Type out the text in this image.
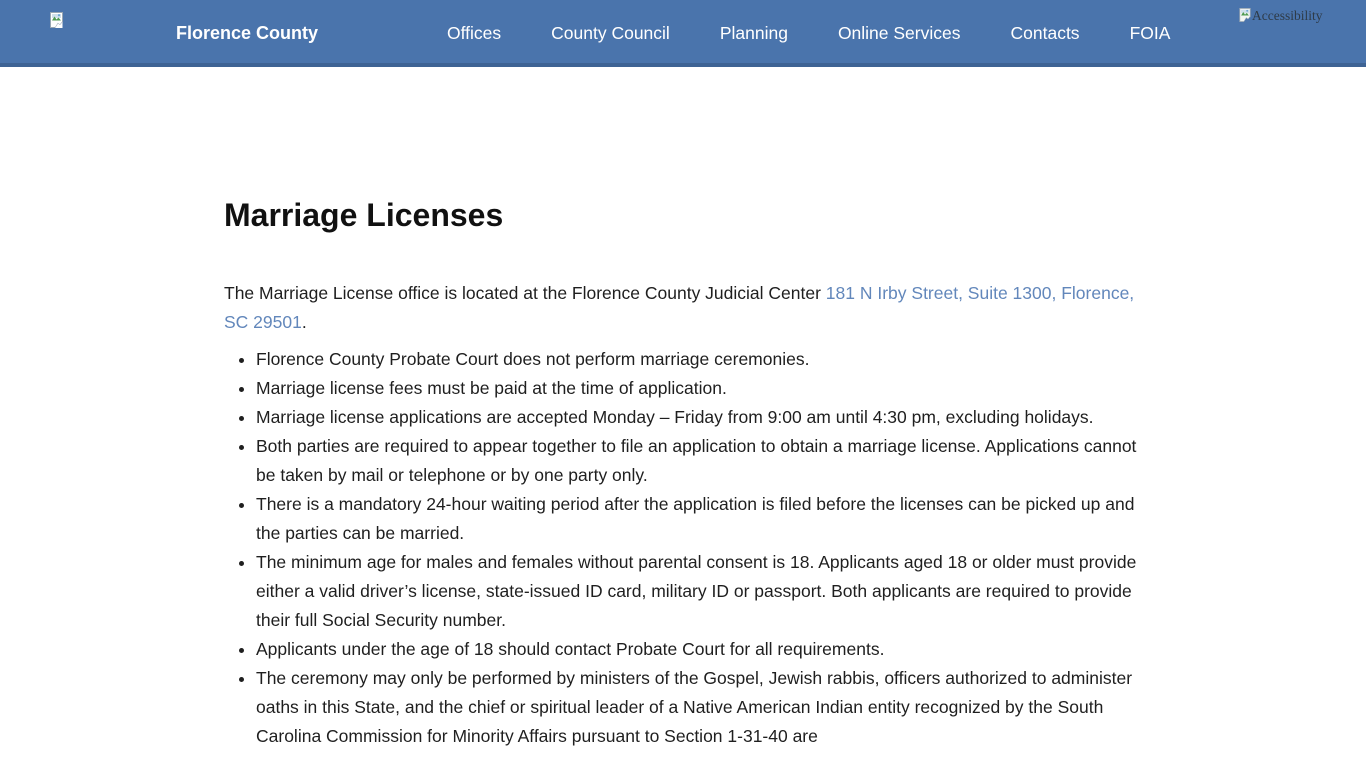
Florence County	Offices	County Council	Planning	Online Services	Contacts	FOIA
Accessibility
Marriage Licenses

The Marriage License office is located at the Florence County Judicial Center 181 N Irby Street, Suite 1300, Florence, SC 29501.

• Florence County Probate Court does not perform marriage ceremonies.
• Marriage license fees must be paid at the time of application.
• Marriage license applications are accepted Monday – Friday from 9:00 am until 4:30 pm, excluding holidays.
• Both parties are required to appear together to file an application to obtain a marriage license. Applications cannot be taken by mail or telephone or by one party only.
• There is a mandatory 24-hour waiting period after the application is filed before the licenses can be picked up and the parties can be married.
• The minimum age for males and females without parental consent is 18. Applicants aged 18 or older must provide either a valid driver’s license, state-issued ID card, military ID or passport. Both applicants are required to provide their full Social Security number.
• Applicants under the age of 18 should contact Probate Court for all requirements.
• The ceremony may only be performed by ministers of the Gospel, Jewish rabbis, officers authorized to administer oaths in this State, and the chief or spiritual leader of a Native American Indian entity recognized by the South Carolina Commission for Minority Affairs pursuant to Section 1-31-40 are
